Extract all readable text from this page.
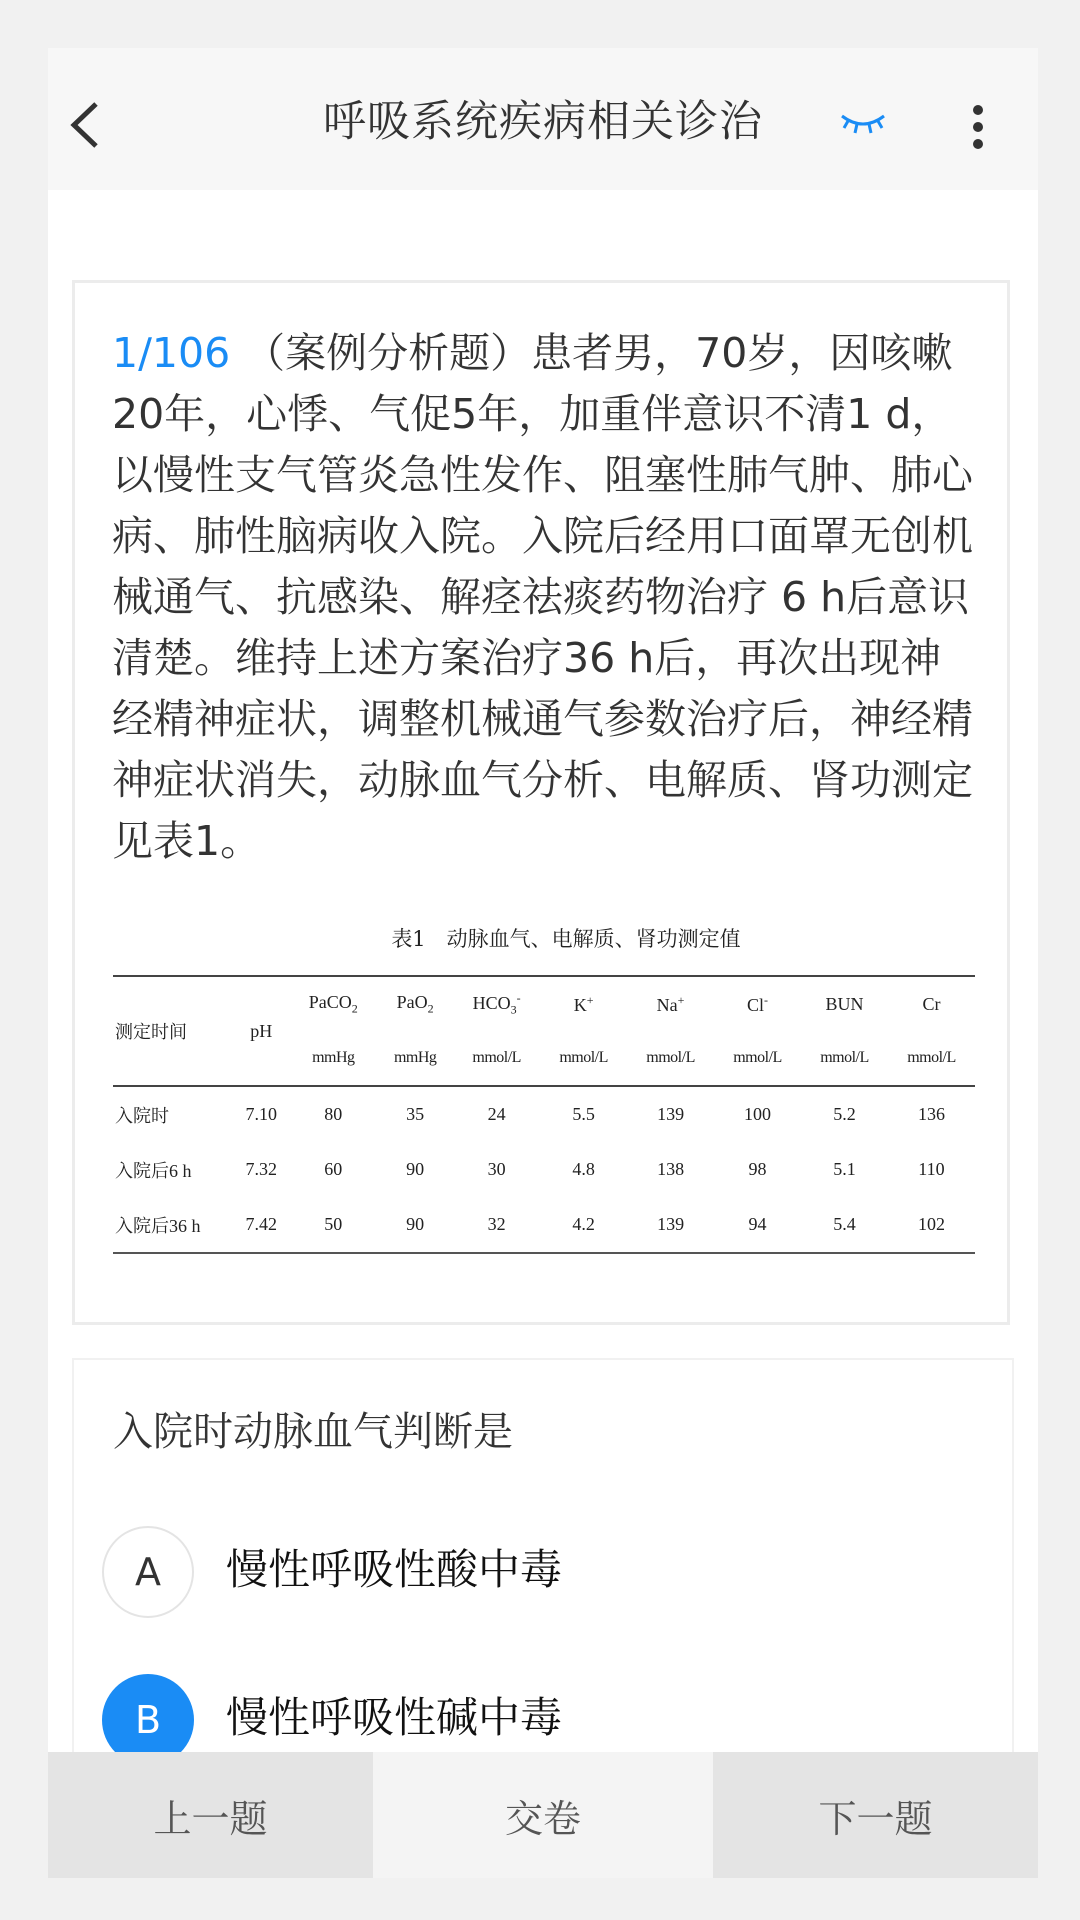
呼吸系统疾病相关诊治
1/106 （案例分析题）患者男，70岁，因咳嗽20年，心悸、气促5年，加重伴意识不清1 d，以慢性支气管炎急性发作、阻塞性肺气肿、肺心病、肺性脑病收入院。入院后经用口面罩无创机械通气、抗感染、解痉祛痰药物治疗 6 h后意识清楚。维持上述方案治疗36 h后，再次出现神经精神症状，调整机械通气参数治疗后，神经精神症状消失，动脉血气分析、电解质、肾功测定见表1。
表1　动脉血气、电解质、肾功测定值
测定时间	pH	PaCO$_2$	PaO$_2$	$HCO_3^-$	K+	Na+	Cl-	BUN	Cr
		mmHg	mmHg	mmol/L	mmol/L	mmol/L	mmol/L	mmol/L	mmol/L
入院时	7.10	80	35	24	5.5	139	100	5.2	136
入院后6 h	7.32	60	90	30	4.8	138	98	5.1	110
入院后36 h	7.42	50	90	32	4.2	139	94	5.4	102
入院时动脉血气判断是
A	慢性呼吸性酸中毒
B	慢性呼吸性碱中毒
上一题	交卷	下一题
